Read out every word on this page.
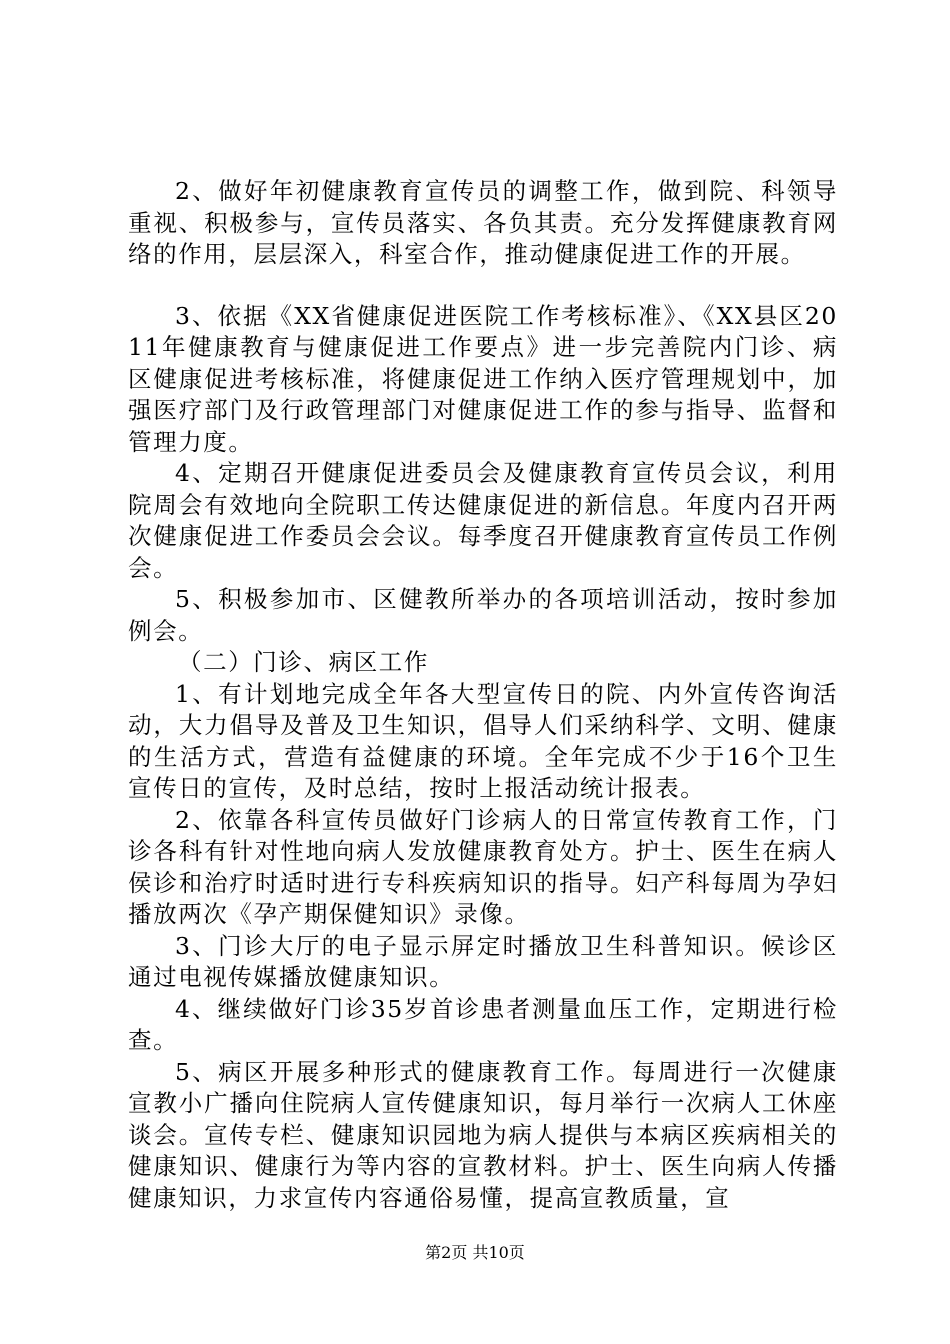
2、做好年初健康教育宣传员的调整工作，做到院、科领导重视、积极参与，宣传员落实、各负其责。充分发挥健康教育网络的作用，层层深入，科室合作，推动健康促进工作的开展。

3、依据《XX省健康促进医院工作考核标准》、《XX县区2011年健康教育与健康促进工作要点》进一步完善院内门诊、病区健康促进考核标准，将健康促进工作纳入医疗管理规划中，加强医疗部门及行政管理部门对健康促进工作的参与指导、监督和管理力度。

4、定期召开健康促进委员会及健康教育宣传员会议，利用院周会有效地向全院职工传达健康促进的新信息。年度内召开两次健康促进工作委员会会议。每季度召开健康教育宣传员工作例会。

5、积极参加市、区健教所举办的各项培训活动，按时参加例会。

（二）门诊、病区工作

1、有计划地完成全年各大型宣传日的院、内外宣传咨询活动，大力倡导及普及卫生知识，倡导人们采纳科学、文明、健康的生活方式，营造有益健康的环境。全年完成不少于16个卫生宣传日的宣传，及时总结，按时上报活动统计报表。

2、依靠各科宣传员做好门诊病人的日常宣传教育工作，门诊各科有针对性地向病人发放健康教育处方。护士、医生在病人侯诊和治疗时适时进行专科疾病知识的指导。妇产科每周为孕妇播放两次《孕产期保健知识》录像。

3、门诊大厅的电子显示屏定时播放卫生科普知识。候诊区通过电视传媒播放健康知识。

4、继续做好门诊35岁首诊患者测量血压工作，定期进行检查。

5、病区开展多种形式的健康教育工作。每周进行一次健康宣教小广播向住院病人宣传健康知识，每月举行一次病人工休座谈会。宣传专栏、健康知识园地为病人提供与本病区疾病相关的健康知识、健康行为等内容的宣教材料。护士、医生向病人传播健康知识，力求宣传内容通俗易懂，提高宣教质量，宣

第2页 共10页
